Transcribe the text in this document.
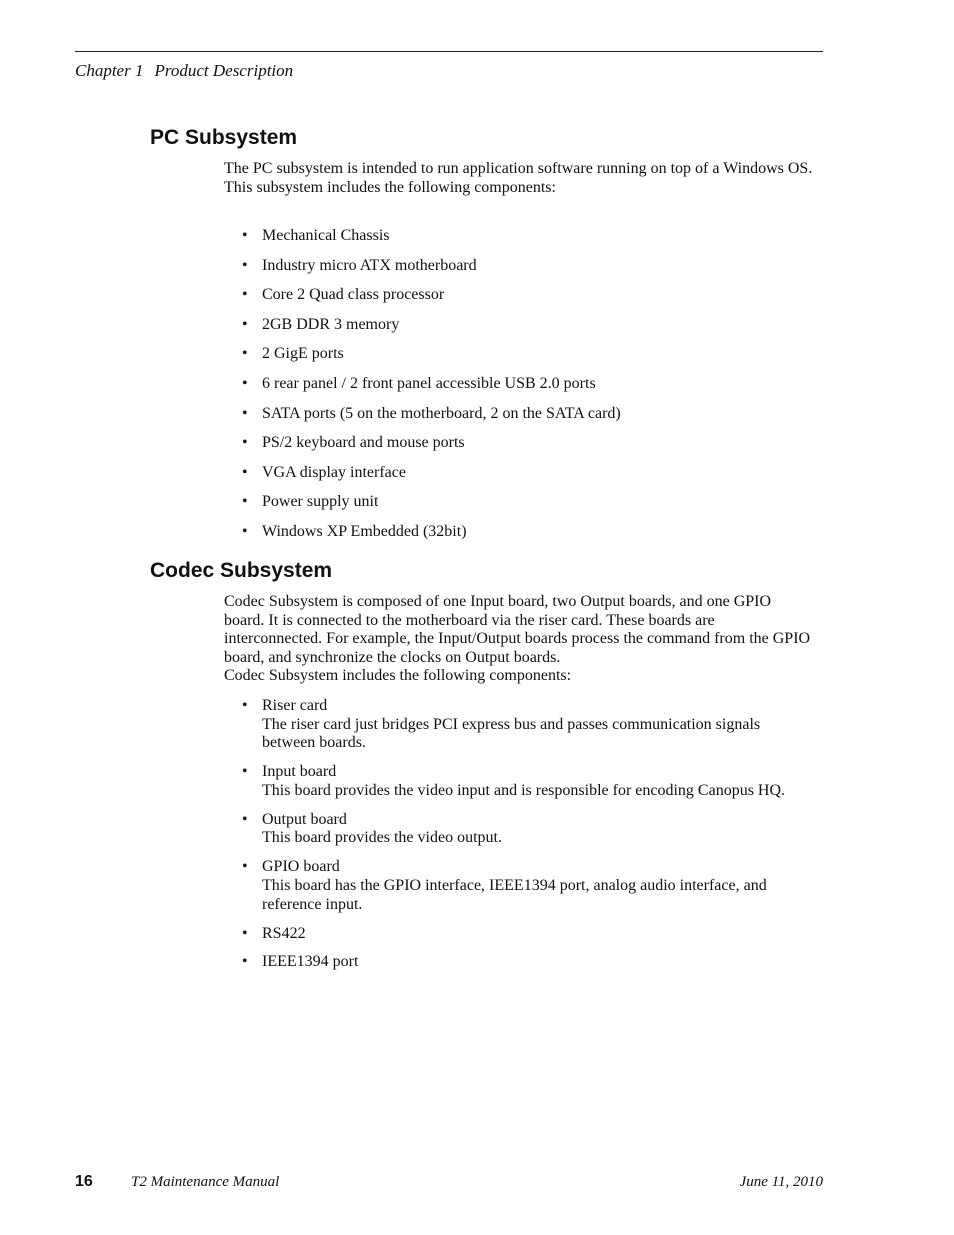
Chapter 1 Product Description
PC Subsystem

The PC subsystem is intended to run application software running on top of a Windows OS.

This subsystem includes the following components:

• Mechanical Chassis
• Industry micro ATX motherboard
• Core 2 Quad class processor
• 2GB DDR 3 memory
• 2 GigE ports
• 6 rear panel / 2 front panel accessible USB 2.0 ports
• SATA ports (5 on the motherboard, 2 on the SATA card)
• PS/2 keyboard and mouse ports
• VGA display interface
• Power supply unit
• Windows XP Embedded (32bit)
Codec Subsystem

Codec Subsystem is composed of one Input board, two Output boards, and one GPIO board. It is connected to the motherboard via the riser card. These boards are interconnected. For example, the Input/Output boards process the command from the GPIO board, and synchronize the clocks on Output boards.

Codec Subsystem includes the following components:

• Riser card
The riser card just bridges PCI express bus and passes communication signals between boards.
• Input board
This board provides the video input and is responsible for encoding Canopus HQ.
• Output board
This board provides the video output.
• GPIO board
This board has the GPIO interface, IEEE1394 port, analog audio interface, and reference input.
• RS422
• IEEE1394 port
16	T2 Maintenance Manual	June 11, 2010
